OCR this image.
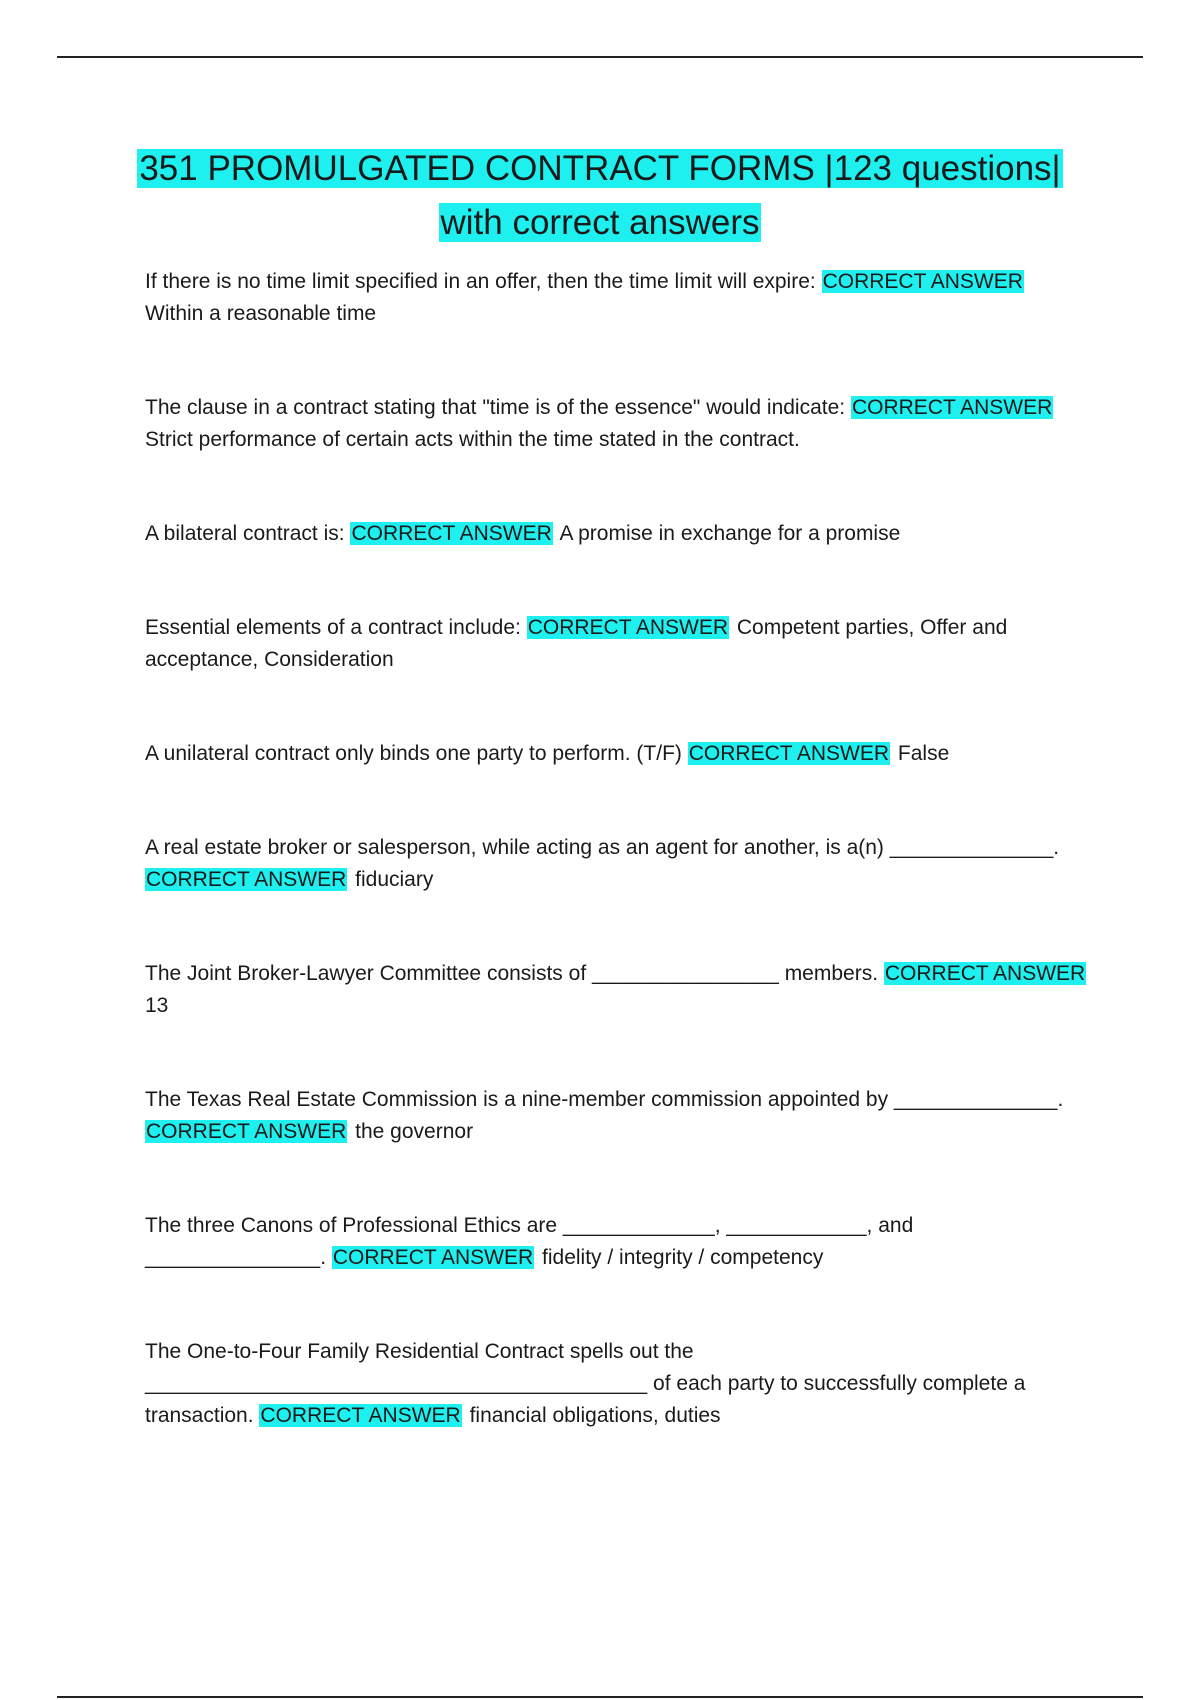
351 PROMULGATED CONTRACT FORMS |123 questions|
with correct answers
If there is no time limit specified in an offer, then the time limit will expire: CORRECT ANSWER
Within a reasonable time
The clause in a contract stating that "time is of the essence" would indicate: CORRECT ANSWER
Strict performance of certain acts within the time stated in the contract.
A bilateral contract is: CORRECT ANSWER A promise in exchange for a promise
Essential elements of a contract include: CORRECT ANSWER Competent parties, Offer and acceptance, Consideration
A unilateral contract only binds one party to perform. (T/F) CORRECT ANSWER False
A real estate broker or salesperson, while acting as an agent for another, is a(n) ______________. CORRECT ANSWER fiduciary
The Joint Broker-Lawyer Committee consists of ________________ members. CORRECT ANSWER
13
The Texas Real Estate Commission is a nine-member commission appointed by ______________. CORRECT ANSWER the governor
The three Canons of Professional Ethics are _____________, ____________, and _______________. CORRECT ANSWER fidelity / integrity / competency
The One-to-Four Family Residential Contract spells out the ___________________________________________ of each party to successfully complete a transaction. CORRECT ANSWER financial obligations, duties
